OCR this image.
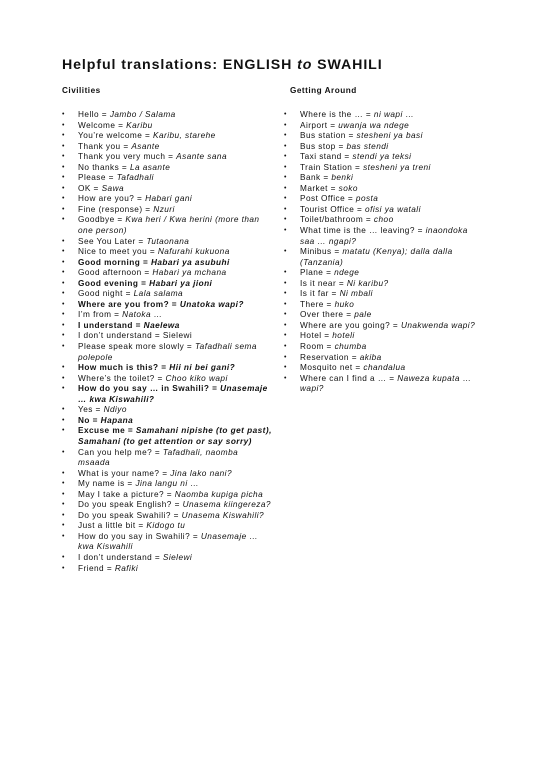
Helpful translations: ENGLISH to SWAHILI
Civilities	Getting Around
• Hello = Jambo / Salama
• Welcome = Karibu
• You’re welcome = Karibu, starehe
• Thank you = Asante
• Thank you very much = Asante sana
• No thanks = La asante
• Please = Tafadhali
• OK = Sawa
• How are you? = Habari gani
• Fine (response) = Nzuri
• Goodbye = Kwa heri / Kwa herini (more than one person)
• See You Later = Tutaonana
• Nice to meet you = Nafurahi kukuona
• Good morning = Habari ya asubuhi
• Good afternoon = Habari ya mchana
• Good evening = Habari ya jioni
• Good night = Lala salama
• Where are you from? = Unatoka wapi?
• I’m from = Natoka …
• I understand = Naelewa
• I don’t understand = Sielewi
• Please speak more slowly = Tafadhali sema polepole
• How much is this? = Hii ni bei gani?
• Where’s the toilet? = Choo kiko wapi
• How do you say … in Swahili? = Unasemaje … kwa Kiswahili?
• Yes = Ndiyo
• No = Hapana
• Excuse me = Samahani nipishe (to get past), Samahani (to get attention or say sorry)
• Can you help me? = Tafadhali, naomba msaada
• What is your name? = Jina lako nani?
• My name is = Jina langu ni …
• May I take a picture? = Naomba kupiga picha
• Do you speak English? = Unasema kiingereza?
• Do you speak Swahili? = Unasema Kiswahili?
• Just a little bit = Kidogo tu
• How do you say in Swahili? = Unasemaje … kwa Kiswahili
• I don’t understand = Sielewi
• Friend = Rafiki
• Where is the … = ni wapi …
• Airport = uwanja wa ndege
• Bus station = stesheni ya basi
• Bus stop = bas stendi
• Taxi stand = stendi ya teksi
• Train Station = stesheni ya treni
• Bank = benki
• Market = soko
• Post Office = posta
• Tourist Office = ofisi ya watali
• Toilet/bathroom = choo
• What time is the … leaving? = inaondoka saa … ngapi?
• Minibus = matatu (Kenya); dalla dalla (Tanzania)
• Plane = ndege
• Is it near = Ni karibu?
• Is it far = Ni mbali
• There = huko
• Over there = pale
• Where are you going? = Unakwenda wapi?
• Hotel = hoteli
• Room = chumba
• Reservation = akiba
• Mosquito net = chandalua
• Where can I find a … = Naweza kupata … wapi?
